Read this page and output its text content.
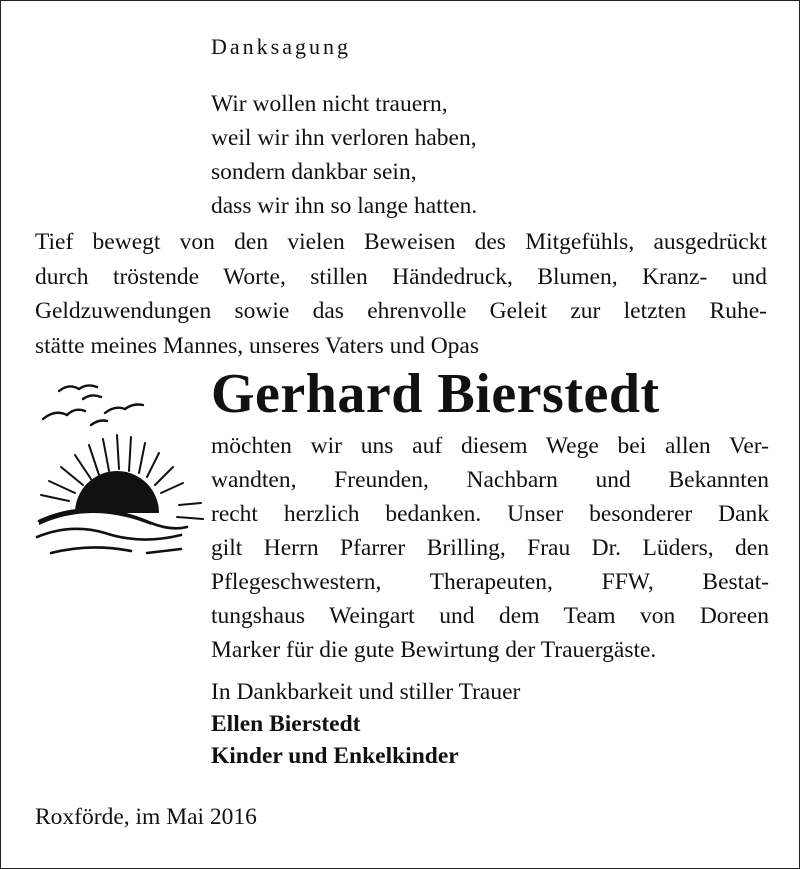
Danksagung
Wir wollen nicht trauern,
weil wir ihn verloren haben,
sondern dankbar sein,
dass wir ihn so lange hatten.
Tief bewegt von den vielen Beweisen des Mitgefühls, ausgedrückt
durch tröstende Worte, stillen Händedruck, Blumen, Kranz- und
Geldzuwendungen sowie das ehrenvolle Geleit zur letzten Ruhe-
stätte meines Mannes, unseres Vaters und Opas
Gerhard Bierstedt
möchten wir uns auf diesem Wege bei allen Ver-
wandten, Freunden, Nachbarn und Bekannten
recht herzlich bedanken. Unser besonderer Dank
gilt Herrn Pfarrer Brilling, Frau Dr. Lüders, den
Pflegeschwestern, Therapeuten, FFW, Bestat-
tungshaus Weingart und dem Team von Doreen
Marker für die gute Bewirtung der Trauergäste.
In Dankbarkeit und stiller Trauer
Ellen Bierstedt
Kinder und Enkelkinder
Roxförde, im Mai 2016
